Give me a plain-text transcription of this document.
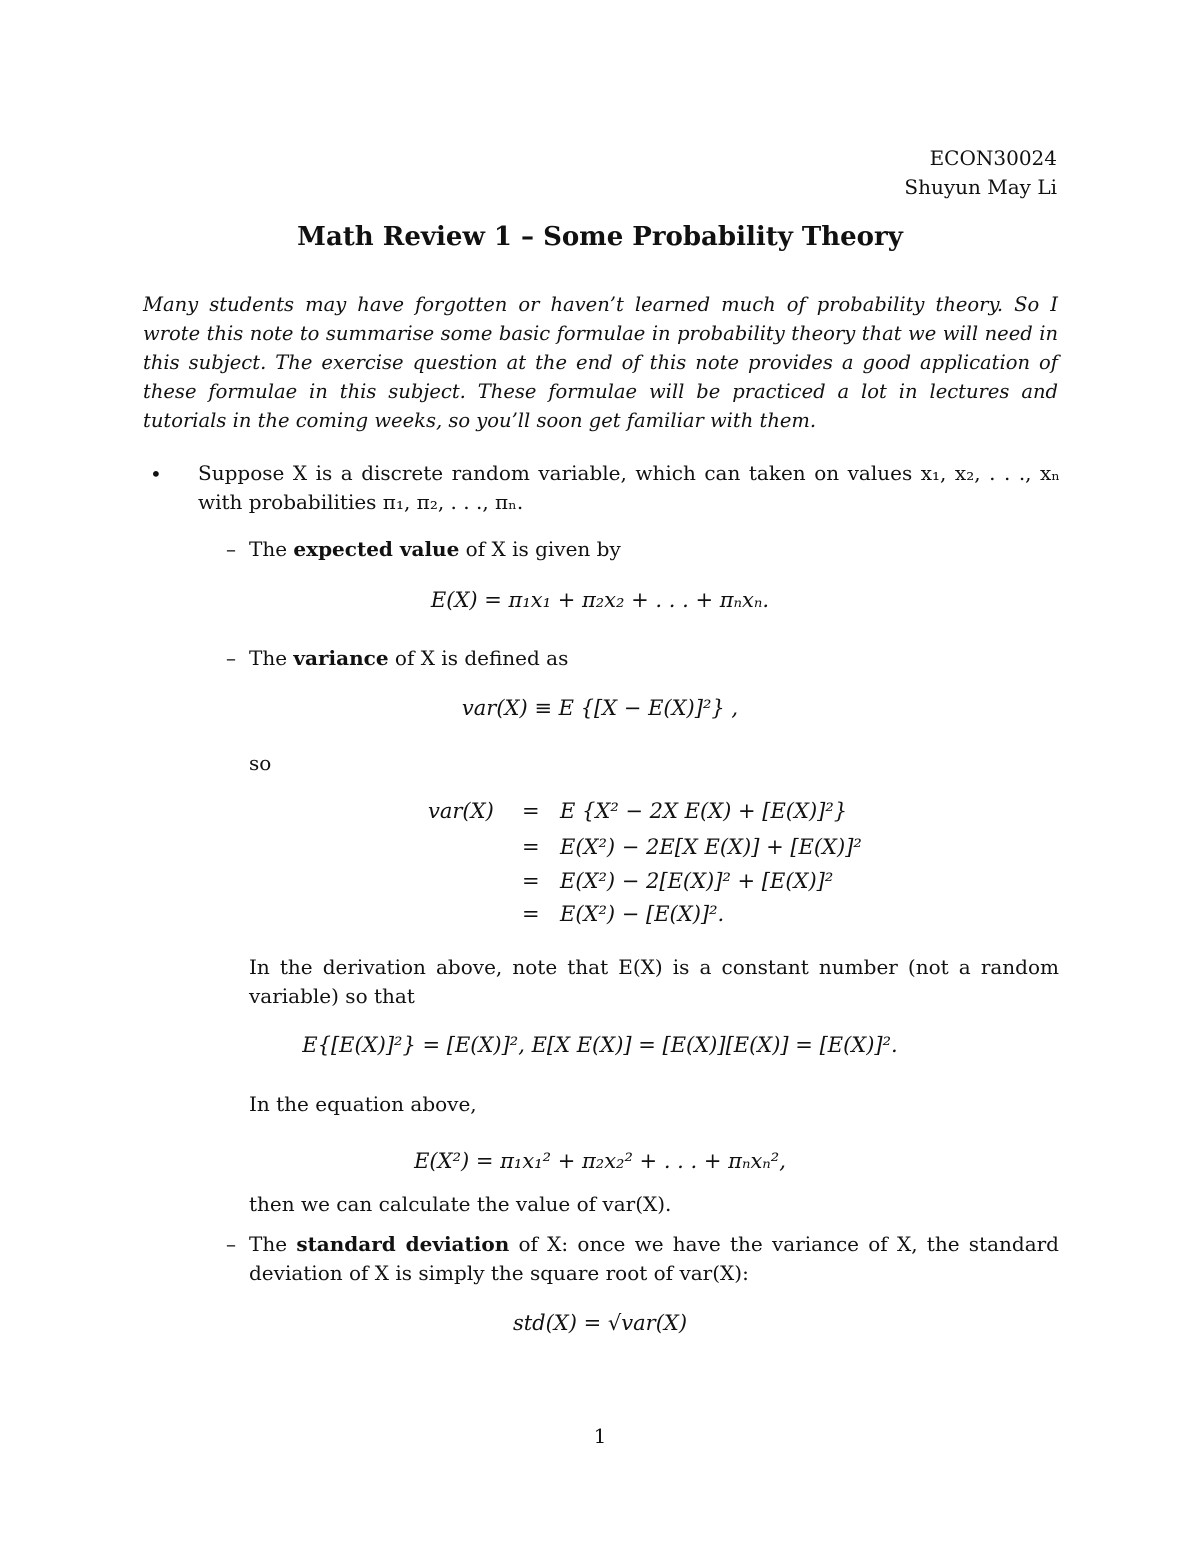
ECON30024
Shuyun May Li
Math Review 1 – Some Probability Theory
Many students may have forgotten or haven’t learned much of probability theory. So I wrote this note to summarise some basic formulae in probability theory that we will need in this subject. The exercise question at the end of this note provides a good application of these formulae in this subject. These formulae will be practiced a lot in lectures and tutorials in the coming weeks, so you’ll soon get familiar with them.
• Suppose X is a discrete random variable, which can taken on values x₁, x₂, . . ., xₙ with probabilities π₁, π₂, . . ., πₙ.
– The expected value of X is given by
E(X) = π₁x₁ + π₂x₂ + . . . + πₙxₙ.
– The variance of X is defined as
var(X) ≡ E {[X − E(X)]²} ,
so
var(X) = E {X² − 2X E(X) + [E(X)]²}
= E(X²) − 2E[X E(X)] + [E(X)]²
= E(X²) − 2[E(X)]² + [E(X)]²
= E(X²) − [E(X)]².
In the derivation above, note that E(X) is a constant number (not a random variable) so that
E{[E(X)]²} = [E(X)]², E[X E(X)] = [E(X)][E(X)] = [E(X)]².
In the equation above,
E(X²) = π₁x₁² + π₂x₂² + . . . + πₙxₙ²,
then we can calculate the value of var(X).
– The standard deviation of X: once we have the variance of X, the standard deviation of X is simply the square root of var(X):
std(X) = √var(X)
1
